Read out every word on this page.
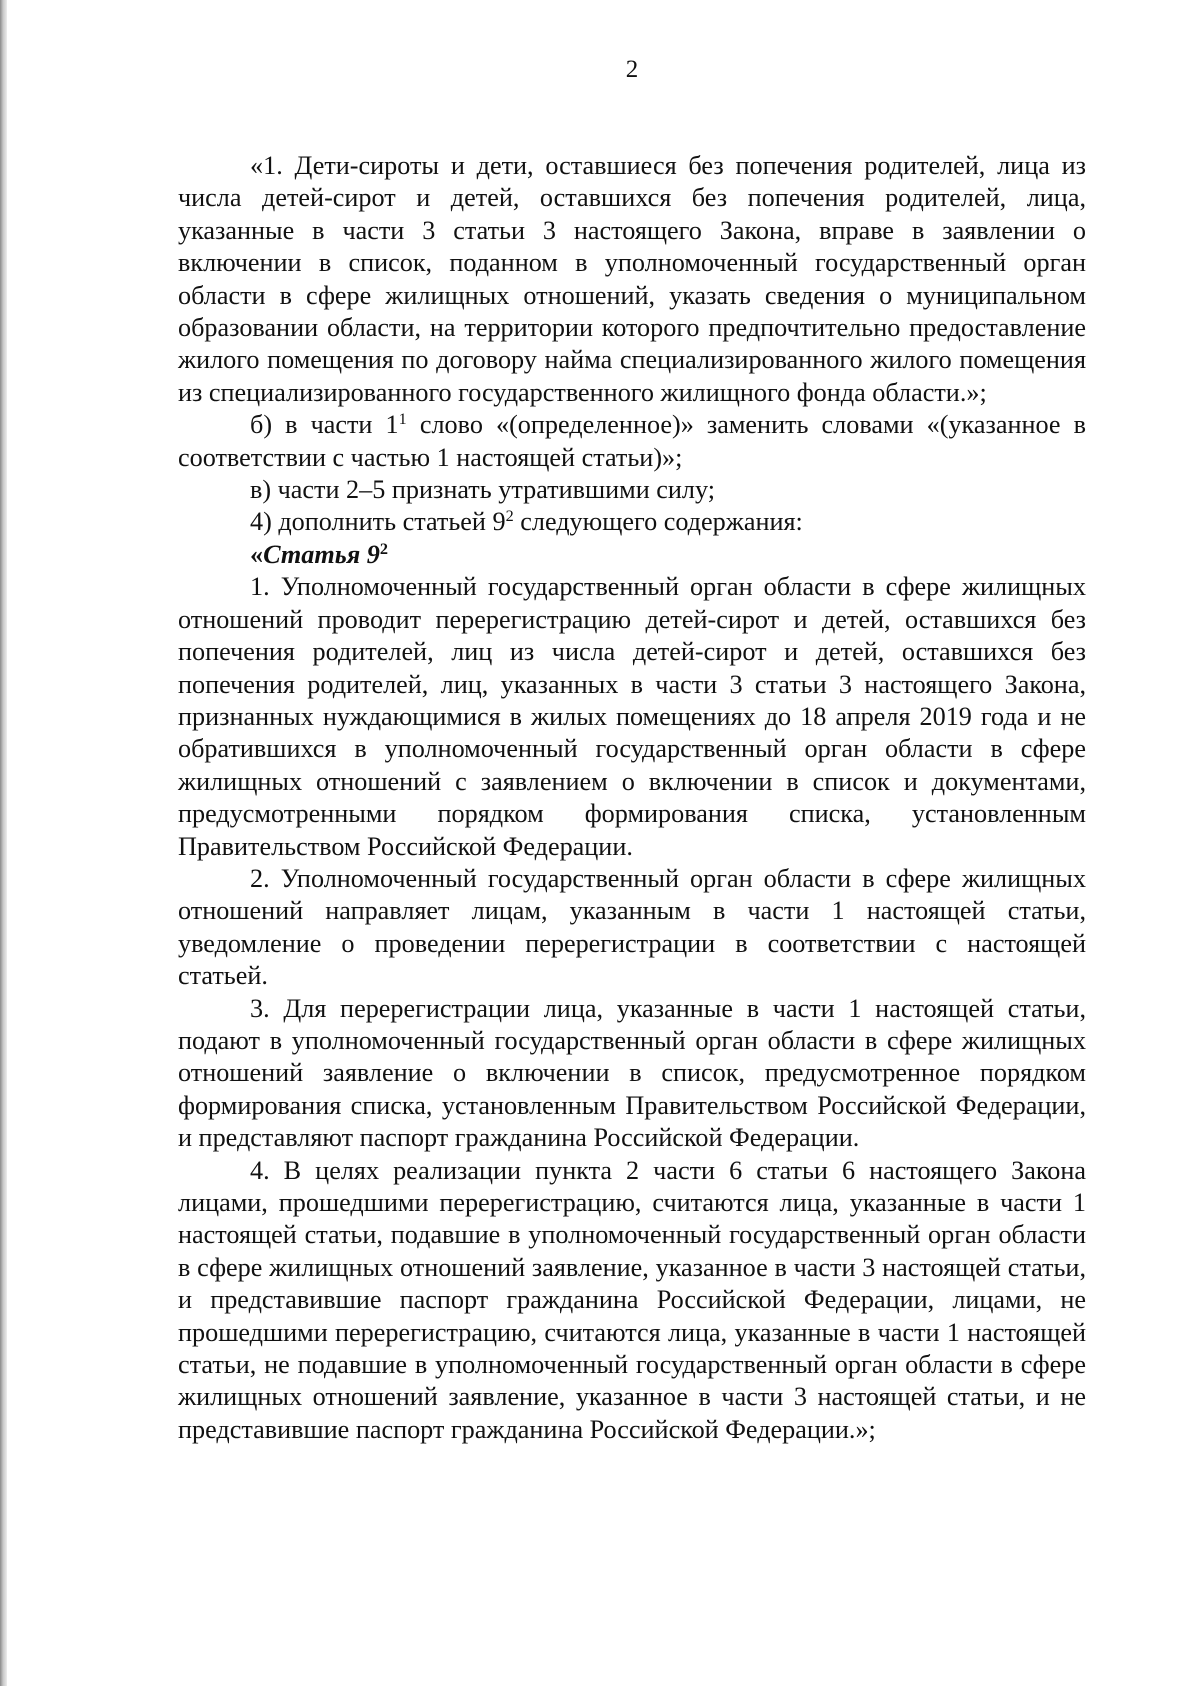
2

«1. Дети-сироты и дети, оставшиеся без попечения родителей, лица из числа детей-сирот и детей, оставшихся без попечения родителей, лица, указанные в части 3 статьи 3 настоящего Закона, вправе в заявлении о включении в список, поданном в уполномоченный государственный орган области в сфере жилищных отношений, указать сведения о муниципальном образовании области, на территории которого предпочтительно предоставление жилого помещения по договору найма специализированного жилого помещения из специализированного государственного жилищного фонда области.»;

б) в части $1^1$ слово «(определенное)» заменить словами «(указанное в соответствии с частью 1 настоящей статьи)»;

в) части 2–5 признать утратившими силу;

4) дополнить статьей $9^2$ следующего содержания:

«Статья $9^2$

1. Уполномоченный государственный орган области в сфере жилищных отношений проводит перерегистрацию детей-сирот и детей, оставшихся без попечения родителей, лиц из числа детей-сирот и детей, оставшихся без попечения родителей, лиц, указанных в части 3 статьи 3 настоящего Закона, признанных нуждающимися в жилых помещениях до 18 апреля 2019 года и не обратившихся в уполномоченный государственный орган области в сфере жилищных отношений с заявлением о включении в список и документами, предусмотренными порядком формирования списка, установленным Правительством Российской Федерации.

2. Уполномоченный государственный орган области в сфере жилищных отношений направляет лицам, указанным в части 1 настоящей статьи, уведомление о проведении перерегистрации в соответствии с настоящей статьей.

3. Для перерегистрации лица, указанные в части 1 настоящей статьи, подают в уполномоченный государственный орган области в сфере жилищных отношений заявление о включении в список, предусмотренное порядком формирования списка, установленным Правительством Российской Федерации, и представляют паспорт гражданина Российской Федерации.

4. В целях реализации пункта 2 части 6 статьи 6 настоящего Закона лицами, прошедшими перерегистрацию, считаются лица, указанные в части 1 настоящей статьи, подавшие в уполномоченный государственный орган области в сфере жилищных отношений заявление, указанное в части 3 настоящей статьи, и представившие паспорт гражданина Российской Федерации, лицами, не прошедшими перерегистрацию, считаются лица, указанные в части 1 настоящей статьи, не подавшие в уполномоченный государственный орган области в сфере жилищных отношений заявление, указанное в части 3 настоящей статьи, и не представившие паспорт гражданина Российской Федерации.»;
